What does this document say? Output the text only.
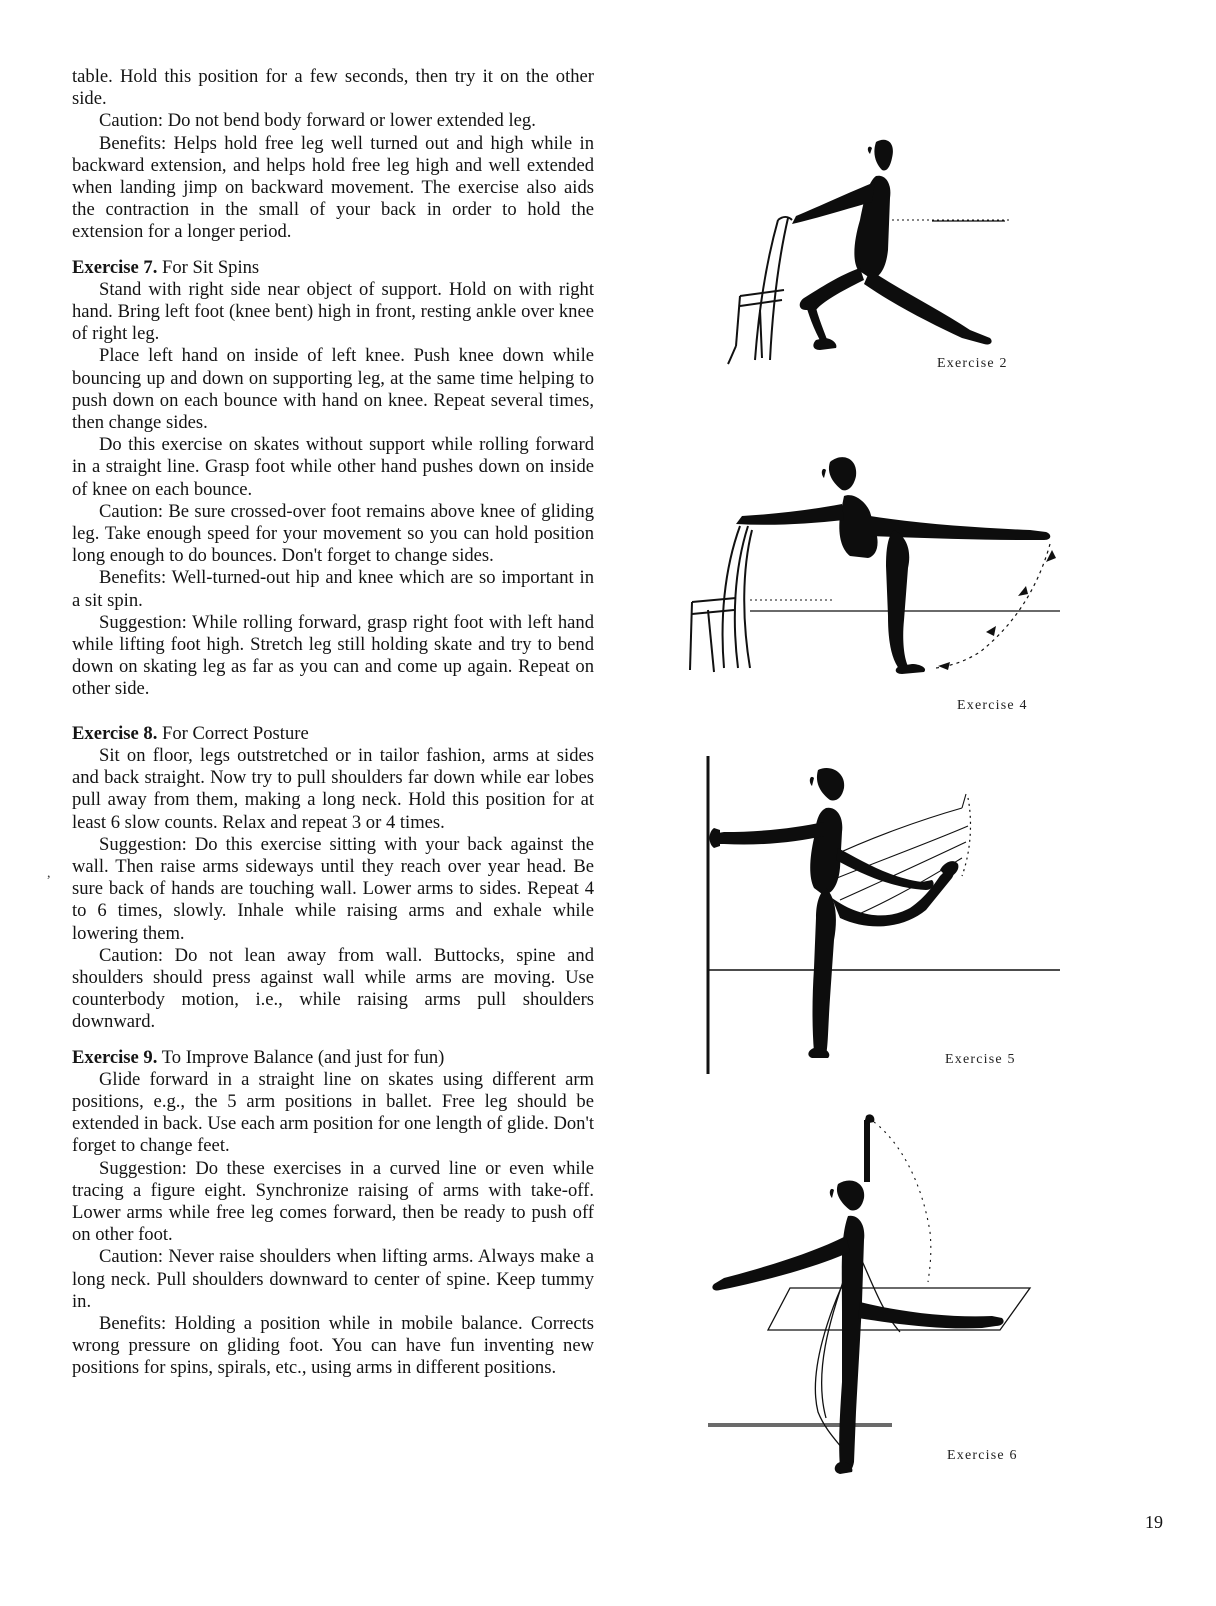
table. Hold this position for a few seconds, then try it on the other side.

Caution: Do not bend body forward or lower extended leg.

Benefits: Helps hold free leg well turned out and high while in backward extension, and helps hold free leg high and well extended when landing jimp on backward movement. The exercise also aids the contraction in the small of your back in order to hold the extension for a longer period.

Exercise 7. For Sit Spins

Stand with right side near object of support. Hold on with right hand. Bring left foot (knee bent) high in front, resting ankle over knee of right leg.

Place left hand on inside of left knee. Push knee down while bouncing up and down on supporting leg, at the same time helping to push down on each bounce with hand on knee. Repeat several times, then change sides.

Do this exercise on skates without support while rolling forward in a straight line. Grasp foot while other hand pushes down on inside of knee on each bounce.

Caution: Be sure crossed-over foot remains above knee of gliding leg. Take enough speed for your movement so you can hold position long enough to do bounces. Don't forget to change sides.

Benefits: Well-turned-out hip and knee which are so important in a sit spin.

Suggestion: While rolling forward, grasp right foot with left hand while lifting foot high. Stretch leg still holding skate and try to bend down on skating leg as far as you can and come up again. Repeat on other side.

Exercise 8. For Correct Posture

Sit on floor, legs outstretched or in tailor fashion, arms at sides and back straight. Now try to pull shoulders far down while ear lobes pull away from them, making a long neck. Hold this position for at least 6 slow counts. Relax and repeat 3 or 4 times.

Suggestion: Do this exercise sitting with your back against the wall. Then raise arms sideways until they reach over year head. Be sure back of hands are touching wall. Lower arms to sides. Repeat 4 to 6 times, slowly. Inhale while raising arms and exhale while lowering them.

Caution: Do not lean away from wall. Buttocks, spine and shoulders should press against wall while arms are moving. Use counterbody motion, i.e., while raising arms pull shoulders downward.

Exercise 9. To Improve Balance (and just for fun)

Glide forward in a straight line on skates using different arm positions, e.g., the 5 arm positions in ballet. Free leg should be extended in back. Use each arm position for one length of glide. Don't forget to change feet.

Suggestion: Do these exercises in a curved line or even while tracing a figure eight. Synchronize raising of arms with take-off. Lower arms while free leg comes forward, then be ready to push off on other foot.

Caution: Never raise shoulders when lifting arms. Always make a long neck. Pull shoulders downward to center of spine. Keep tummy in.

Benefits: Holding a position while in mobile balance. Corrects wrong pressure on gliding foot. You can have fun inventing new positions for spins, spirals, etc., using arms in different positions.

,
Exercise 2
Exercise 4
Exercise 5
Exercise 6
19
